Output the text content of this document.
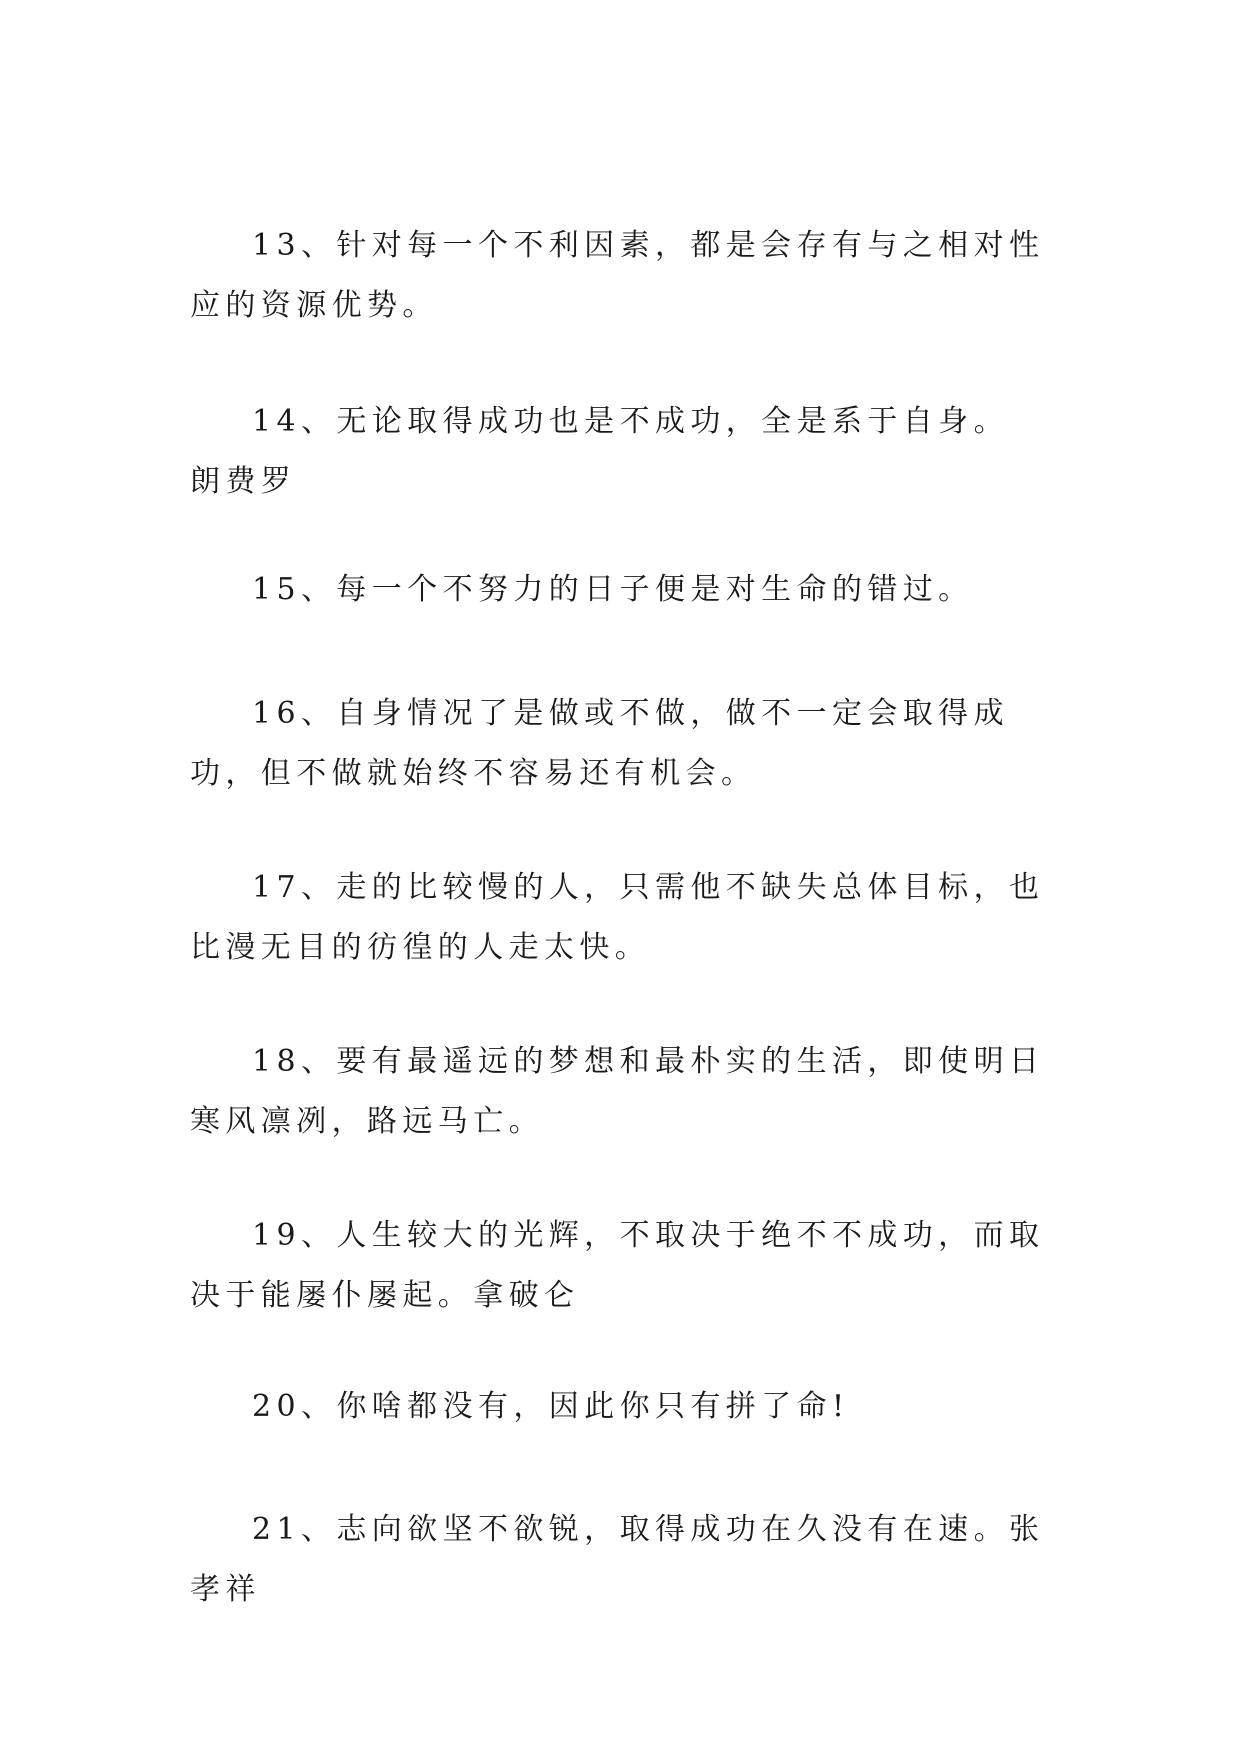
13、针对每一个不利因素，都是会存有与之相对性应的资源优势。

14、无论取得成功也是不成功，全是系于自身。 朗费罗

15、每一个不努力的日子便是对生命的错过。

16、自身情况了是做或不做，做不一定会取得成功，但不做就始终不容易还有机会。

17、走的比较慢的人，只需他不缺失总体目标，也比漫无目的彷徨的人走太快。

18、要有最遥远的梦想和最朴实的生活，即使明日寒风凛冽，路远马亡。

19、人生较大的光辉，不取决于绝不不成功，而取决于能屡仆屡起。拿破仑

20、你啥都没有，因此你只有拼了命!

21、志向欲坚不欲锐，取得成功在久没有在速。张孝祥
